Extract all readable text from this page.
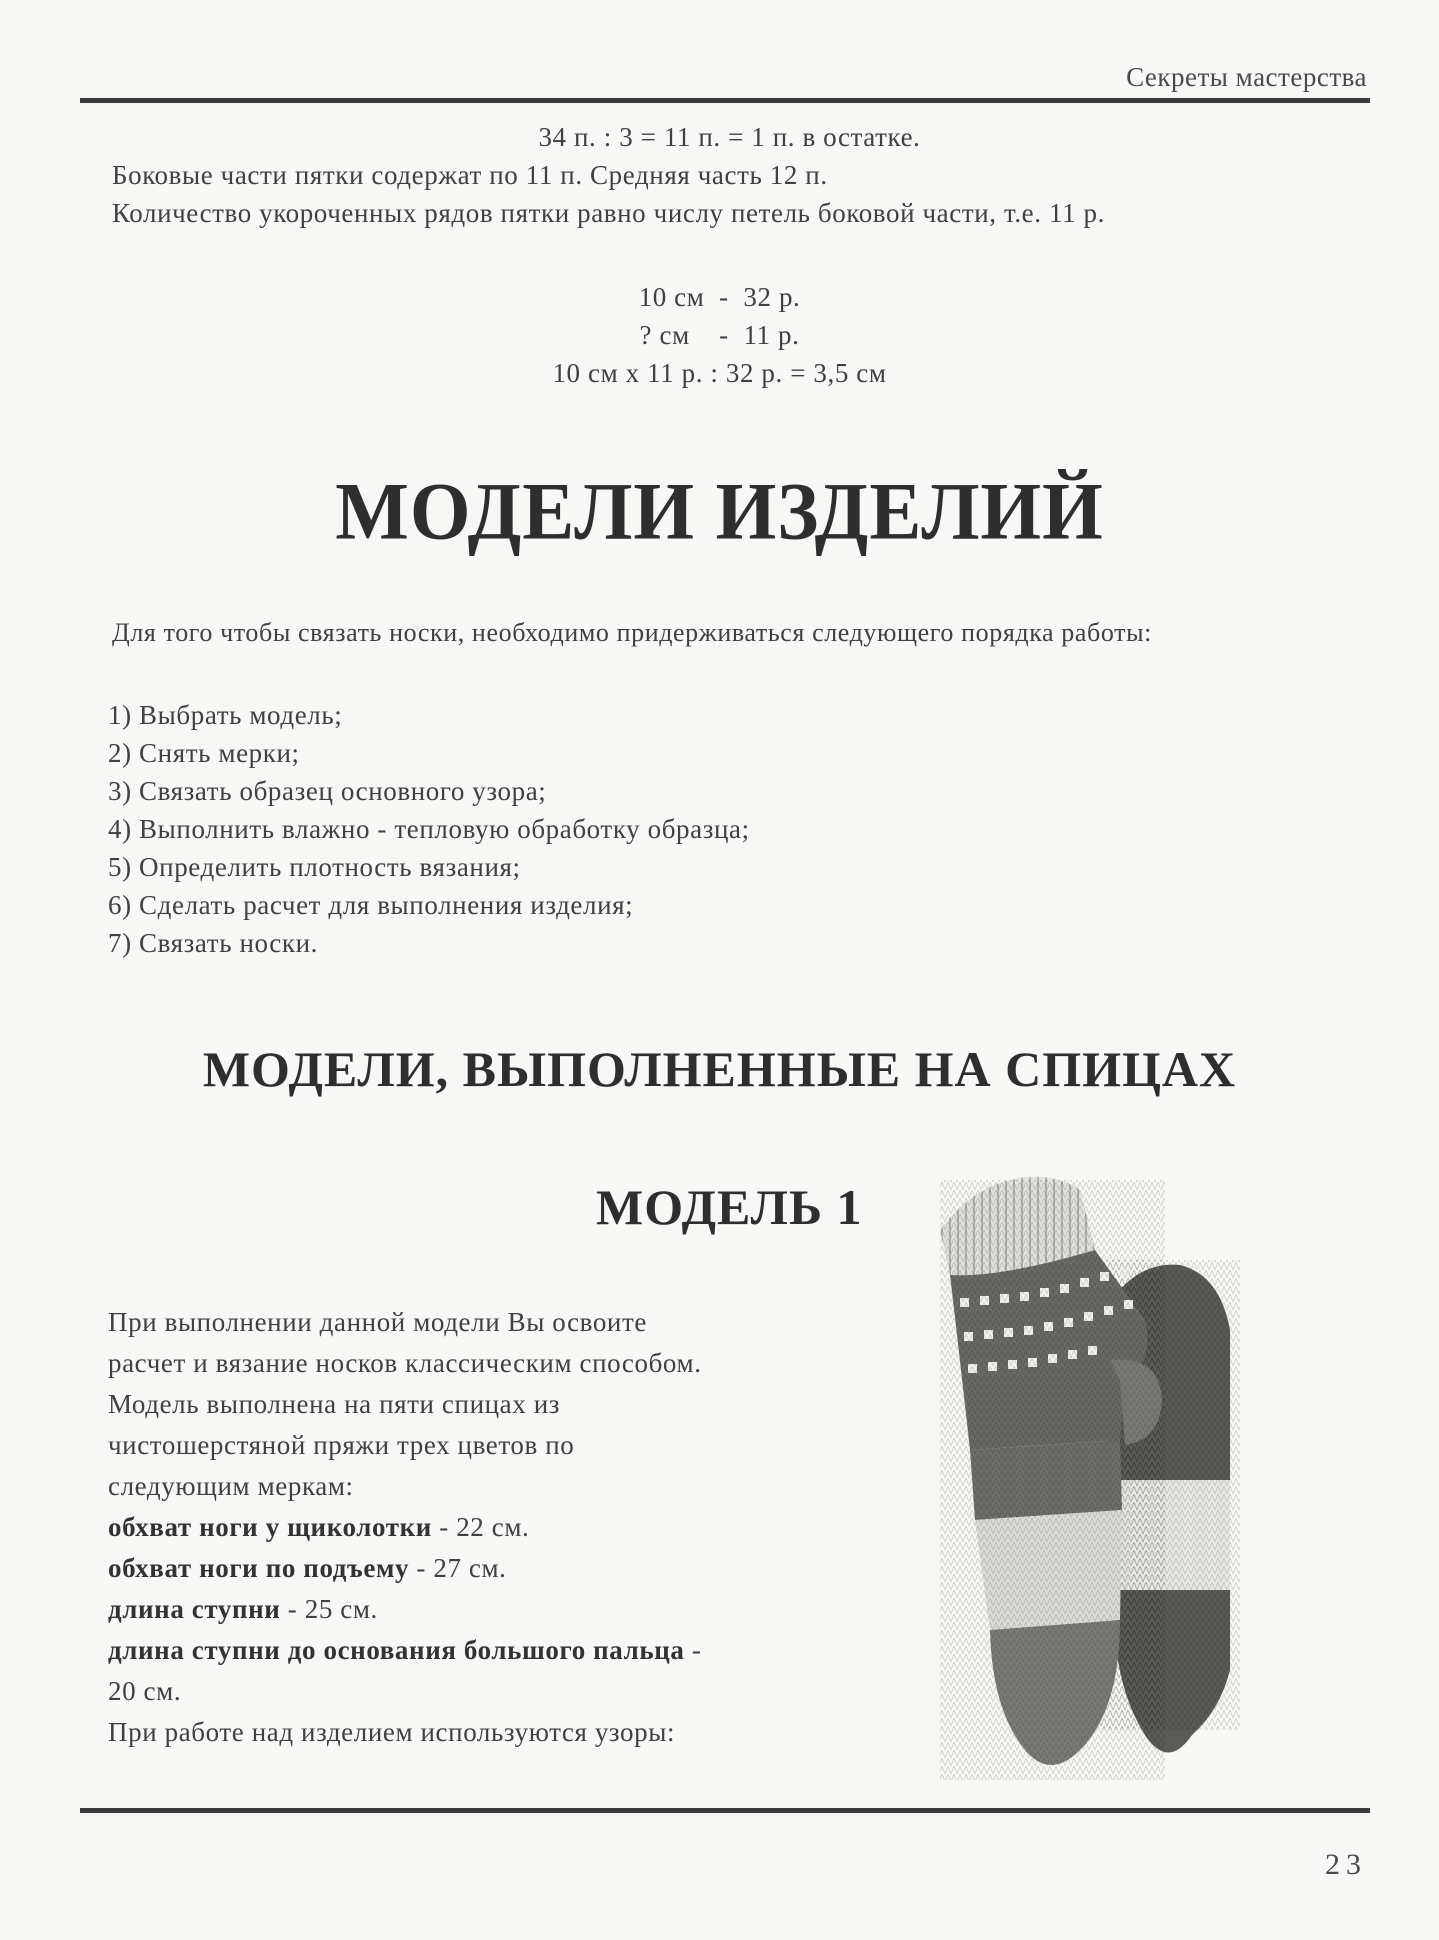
Секреты мастерства
34 п. : 3 = 11 п. = 1 п. в остатке.
Боковые части пятки содержат по 11 п. Средняя часть 12 п.
Количество укороченных рядов пятки равно числу петель боковой части, т.е. 11 р.
10 см  -  32 р.
? см    -  11 р.
10 см х 11 р. : 32 р. = 3,5 см
МОДЕЛИ ИЗДЕЛИЙ
Для того чтобы связать носки, необходимо придерживаться следующего порядка работы:
1) Выбрать модель;
2) Снять мерки;
3) Связать образец основного узора;
4) Выполнить влажно - тепловую обработку образца;
5) Определить плотность вязания;
6) Сделать расчет для выполнения изделия;
7) Связать носки.
МОДЕЛИ, ВЫПОЛНЕННЫЕ НА СПИЦАХ
МОДЕЛЬ 1

При выполнении данной модели Вы освоите расчет и вязание носков классическим способом.

Модель выполнена на пяти спицах из чистошерстяной пряжи трех цветов по следующим меркам:

обхват ноги у щиколотки - 22 см.

обхват ноги по подъему - 27 см.

длина ступни - 25 см.

длина ступни до основания большого пальца - 20 см.

При работе над изделием используются узоры:

23
